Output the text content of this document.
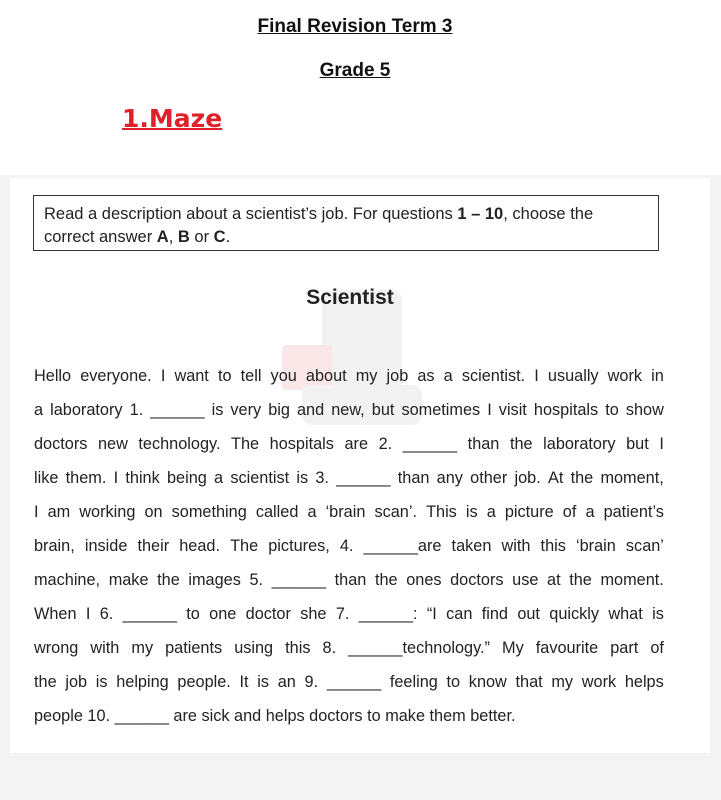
Final Revision Term 3
Grade 5
1.Maze
Read a description about a scientist’s job. For questions 1 – 10, choose the correct answer A, B or C.
Scientist
Hello everyone. I want to tell you about my job as a scientist. I usually work in
a laboratory 1. ______ is very big and new, but sometimes I visit hospitals to show
doctors new technology. The hospitals are 2. ______ than the laboratory but I
like them. I think being a scientist is 3. ______ than any other job. At the moment,
I am working on something called a ‘brain scan’. This is a picture of a patient’s
brain, inside their head. The pictures, 4. ______are taken with this ‘brain scan’
machine, make the images 5. ______ than the ones doctors use at the moment.
When I 6. ______ to one doctor she 7. ______: “I can find out quickly what is
wrong with my patients using this 8. ______technology.” My favourite part of
the job is helping people. It is an 9. ______ feeling to know that my work helps
people 10. ______ are sick and helps doctors to make them better.
